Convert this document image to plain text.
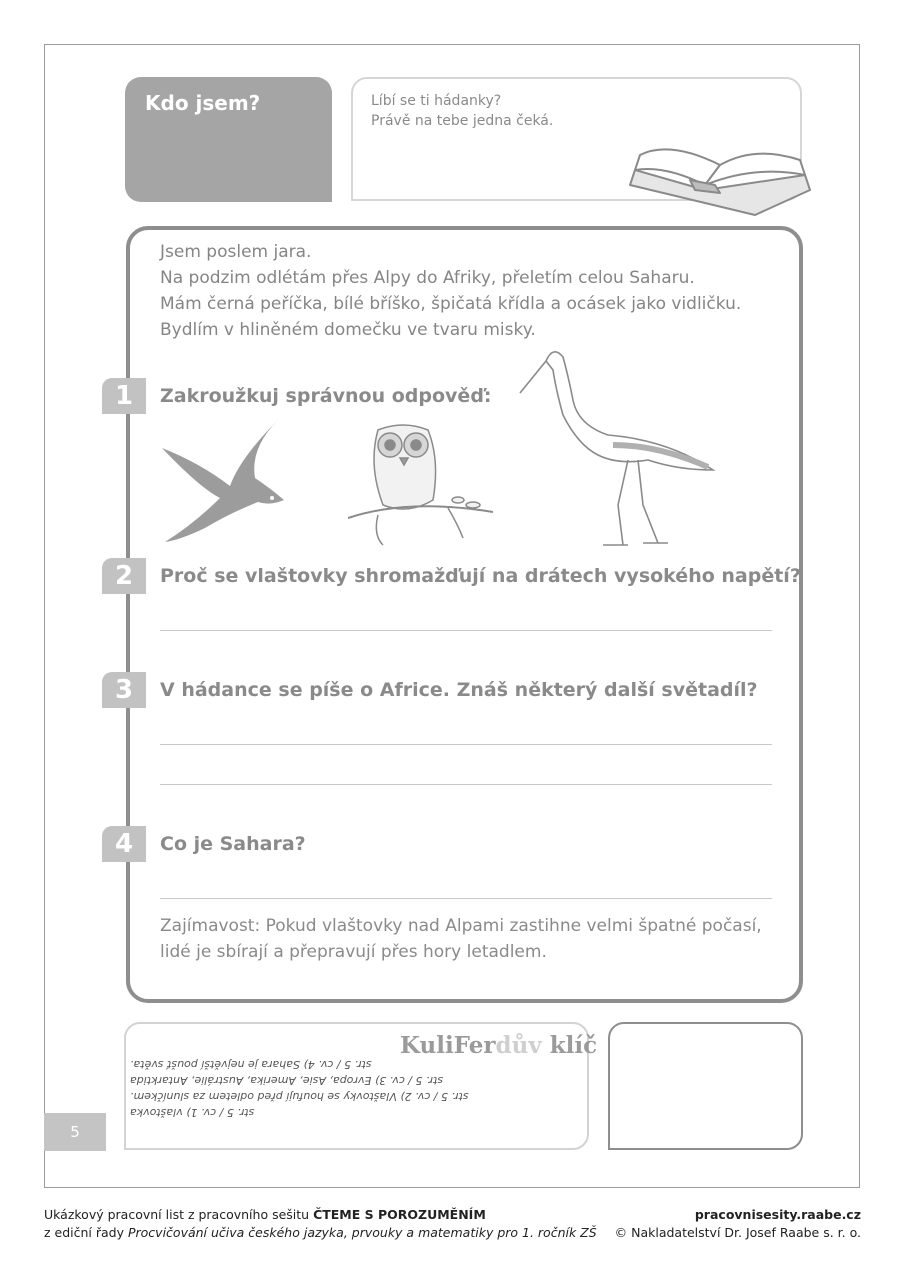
Kdo jsem?	Líbí se ti hádanky?
Právě na tebe jedna čeká.
Jsem poslem jara.
Na podzim odlétám přes Alpy do Afriky, přeletím celou Saharu.
Mám černá peříčka, bílé bříško, špičatá křídla a ocásek jako vidličku.
Bydlím v hliněném domečku ve tvaru misky.
1	Zakroužkuj správnou odpověď:
2	Proč se vlaštovky shromažďují na drátech vysokého napětí?
3	V hádance se píše o Africe. Znáš některý další světadíl?
4	Co je Sahara?
Zajímavost: Pokud vlaštovky nad Alpami zastihne velmi špatné počasí,
lidé je sbírají a přepravují přes hory letadlem.
KuliFerdův klíč
str. 5 / cv. 4) Sahara je největší poušť světa.
str. 5 / cv. 3) Evropa, Asie, Amerika, Austrálie, Antarktida
str. 5 / cv. 2) Vlaštovky se houfují před odletem za sluníčkem.
str. 5 / cv. 1) vlaštovka
5
Ukázkový pracovní list z pracovního sešitu ČTEME S POROZUMĚNÍM
z ediční řady Procvičování učiva českého jazyka, prvouky a matematiky pro 1. ročník ZŠ
pracovnisesity.raabe.cz
© Nakladatelství Dr. Josef Raabe s. r. o.
